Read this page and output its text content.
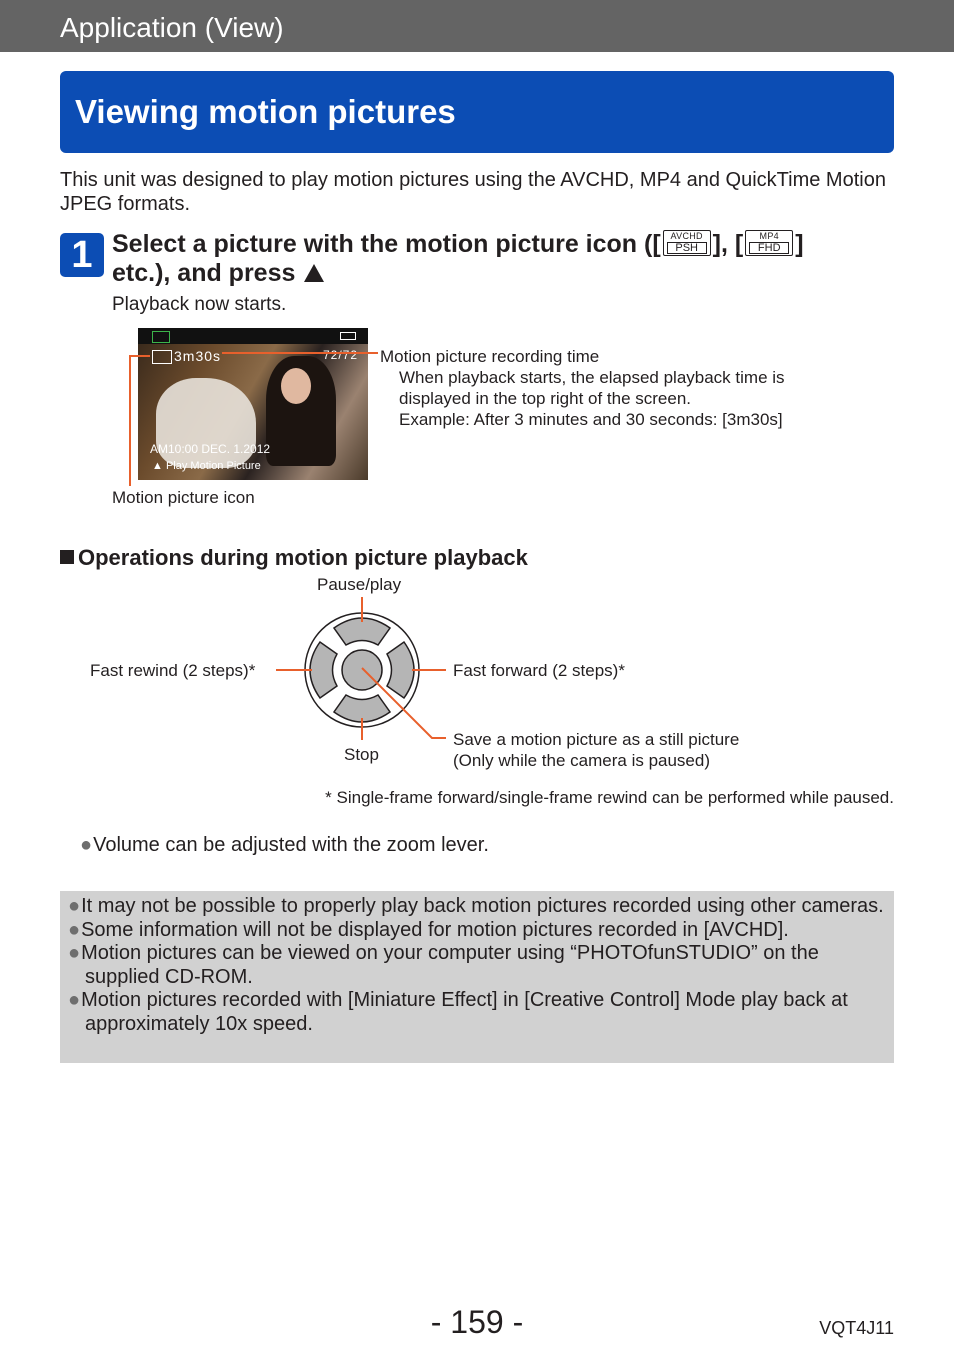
Application (View)
Viewing motion pictures
This unit was designed to play motion pictures using the AVCHD, MP4 and QuickTime Motion JPEG formats.
1 Select a picture with the motion picture icon ([	AVCHD
PSH ], [	MP4
FHD ] etc.), and press
Playback now starts.
3m30s	72/72
AM10:00 DEC. 1.2012
▲ Play Motion Picture
Motion picture recording time
When playback starts, the elapsed playback time is
displayed in the top right of the screen.
Example: After 3 minutes and 30 seconds: [3m30s]
Motion picture icon
Operations during motion picture playback
Pause/play
Fast rewind (2 steps)*	Fast forward (2 steps)*
Stop
Save a motion picture as a still picture
(Only while the camera is paused)
* Single-frame forward/single-frame rewind can be performed while paused.
●Volume can be adjusted with the zoom lever.
●It may not be possible to properly play back motion pictures recorded using other cameras.
●Some information will not be displayed for motion pictures recorded in [AVCHD].
●Motion pictures can be viewed on your computer using “PHOTOfunSTUDIO” on the supplied CD-ROM.
●Motion pictures recorded with [Miniature Effect] in [Creative Control] Mode play back at approximately 10x speed.
- 159 -	VQT4J11
